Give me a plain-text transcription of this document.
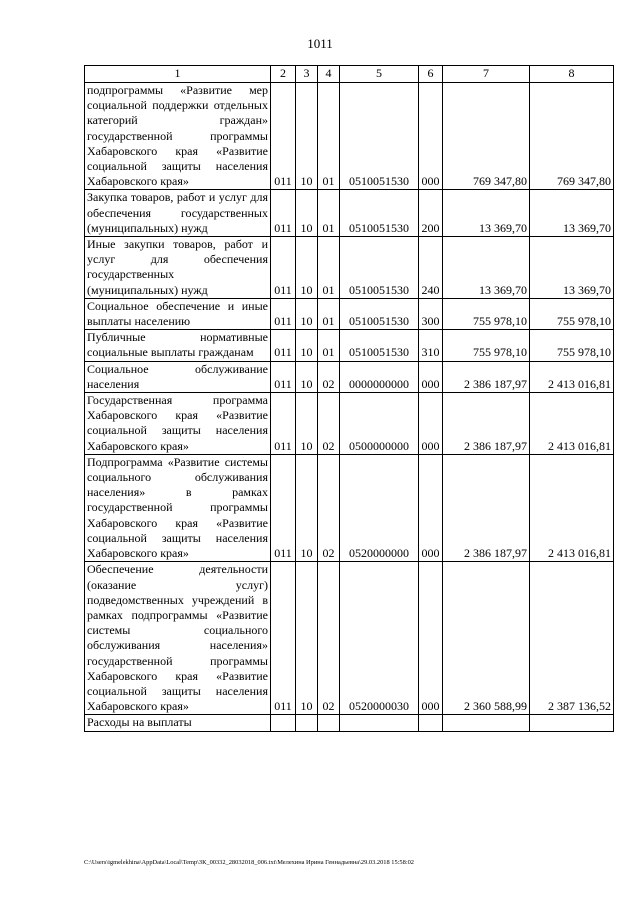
1011
1	2	3	4	5	6	7	8
подпрограммы «Развитие мер социальной поддержки отдельных категорий граждан» государственной программы Хабаровского края «Развитие социальной защиты населения Хабаровского края»	011	10	01	0510051530	000	769 347,80	769 347,80
Закупка товаров, работ и услуг для обеспечения государственных (муниципальных) нужд	011	10	01	0510051530	200	13 369,70	13 369,70
Иные закупки товаров, работ и услуг для обеспечения государственных (муниципальных) нужд	011	10	01	0510051530	240	13 369,70	13 369,70
Социальное обеспечение и иные выплаты населению	011	10	01	0510051530	300	755 978,10	755 978,10
Публичные нормативные социальные выплаты гражданам	011	10	01	0510051530	310	755 978,10	755 978,10
Социальное обслуживание населения	011	10	02	0000000000	000	2 386 187,97	2 413 016,81
Государственная программа Хабаровского края «Развитие социальной защиты населения Хабаровского края»	011	10	02	0500000000	000	2 386 187,97	2 413 016,81
Подпрограмма «Развитие системы социального обслуживания населения» в рамках государственной программы Хабаровского края «Развитие социальной защиты населения Хабаровского края»	011	10	02	0520000000	000	2 386 187,97	2 413 016,81
Обеспечение деятельности (оказание услуг) подведомственных учреждений в рамках подпрограммы «Развитие системы социального обслуживания населения» государственной программы Хабаровского края «Развитие социальной защиты населения Хабаровского края»	011	10	02	0520000030	000	2 360 588,99	2 387 136,52
Расходы на выплаты							
C:\Users\igmelekhina\AppData\Local\Temp\ЗК_00332_28032018_006.txt\Мелехина Ирина Геннадьевна\29.03.2018 15:58:02
